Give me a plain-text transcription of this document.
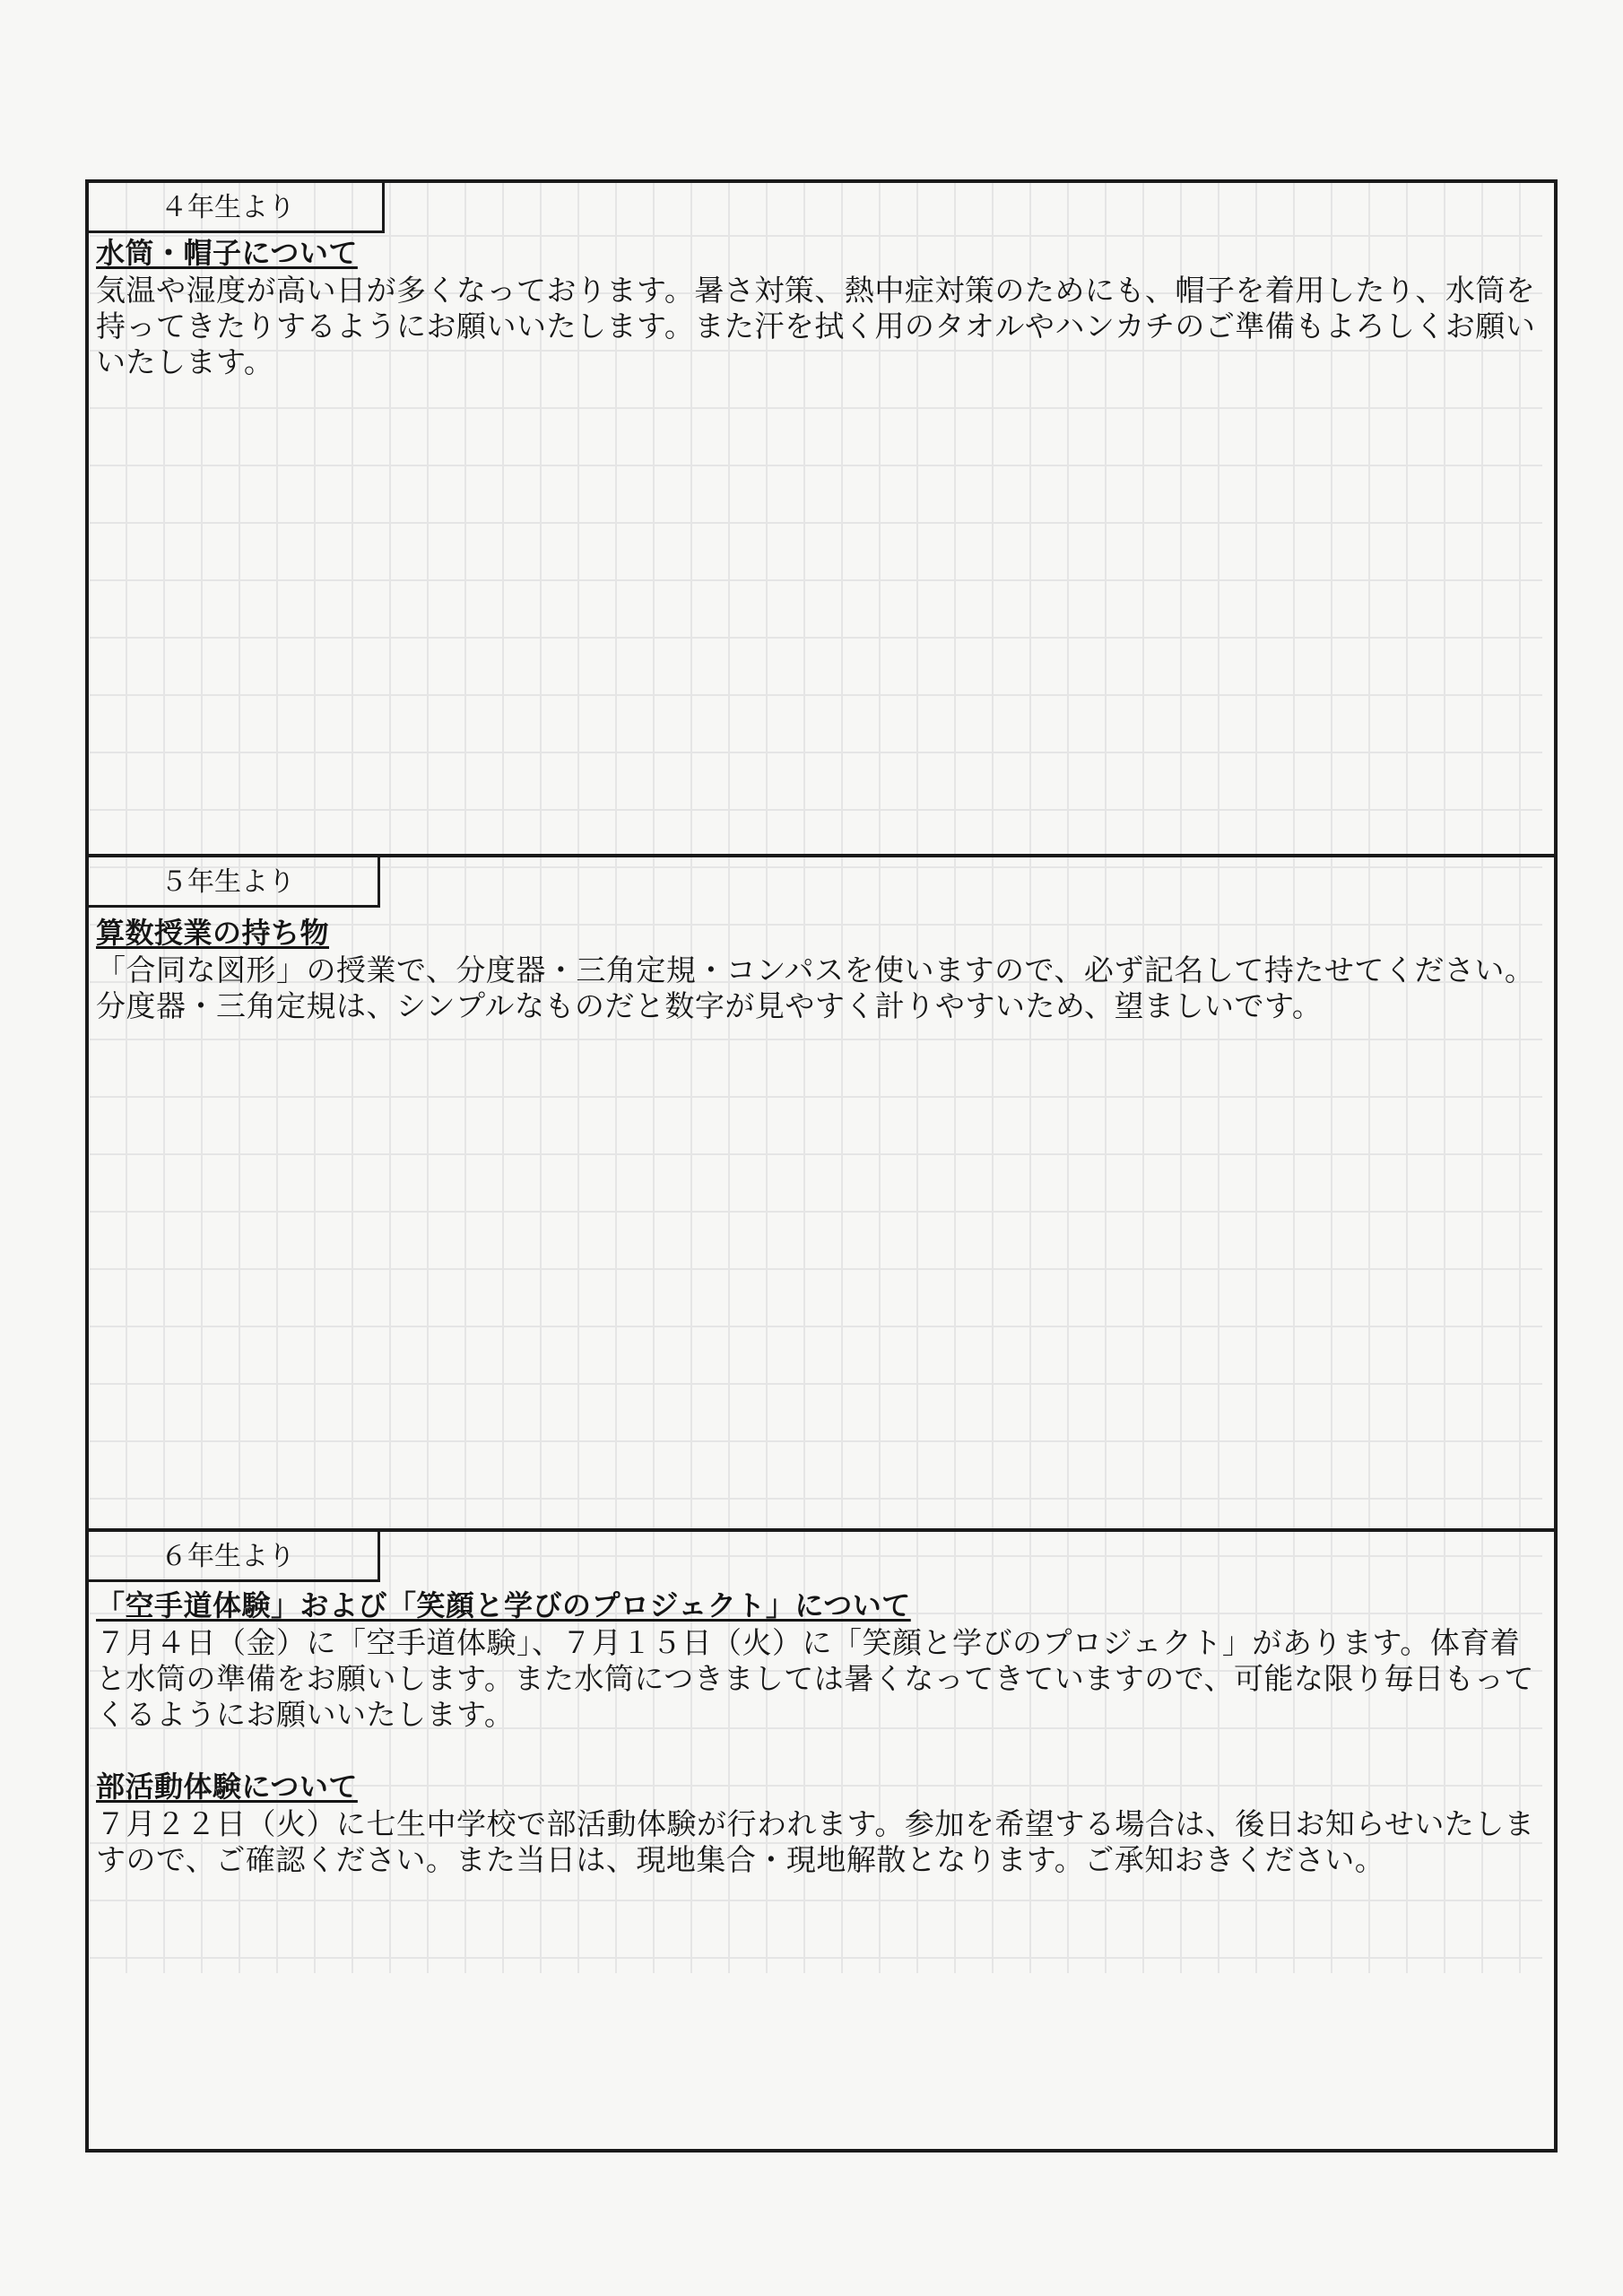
４年生より

水筒・帽子について

気温や湿度が高い日が多くなっております。暑さ対策、熱中症対策のためにも、帽子を着用したり、水筒を持ってきたりするようにお願いいたします。また汗を拭く用のタオルやハンカチのご準備もよろしくお願いいたします。

５年生より

算数授業の持ち物

「合同な図形」の授業で、分度器・三角定規・コンパスを使いますので、必ず記名して持たせてください。分度器・三角定規は、シンプルなものだと数字が見やすく計りやすいため、望ましいです。

６年生より

「空手道体験」および「笑顔と学びのプロジェクト」について

７月４日（金）に「空手道体験」、７月１５日（火）に「笑顔と学びのプロジェクト」があります。体育着と水筒の準備をお願いします。また水筒につきましては暑くなってきていますので、可能な限り毎日もってくるようにお願いいたします。

部活動体験について

７月２２日（火）に七生中学校で部活動体験が行われます。参加を希望する場合は、後日お知らせいたしますので、ご確認ください。また当日は、現地集合・現地解散となります。ご承知おきください。
